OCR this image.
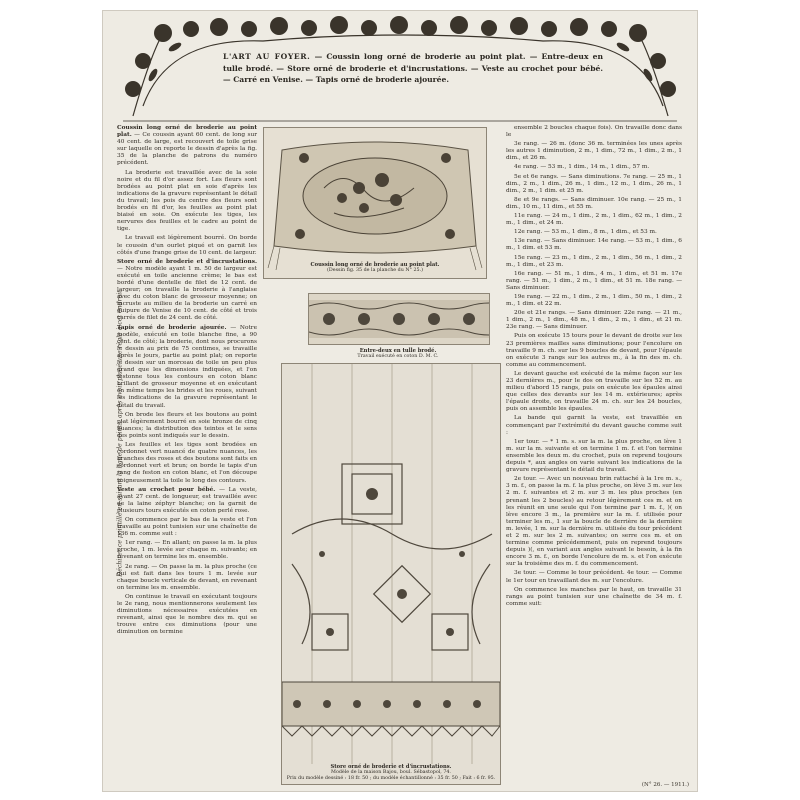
Déchirer ce pointillé en suivant la ligne de points, après avoir placé une règle à cet endroit.
L'ART AU FOYER. — Coussin long orné de broderie au point plat. — Entre-deux en tulle brodé. — Store orné de broderie et d'incrustations. — Veste au crochet pour bébé. — Carré en Venise. — Tapis orné de broderie ajourée.

Coussin long orné de broderie au point plat. — Ce coussin ayant 60 cent. de long sur 40 cent. de large, est recouvert de toile grise sur laquelle on reporte le dessin d'après la fig. 35 de la planche de patrons du numéro précédent.

La broderie est travaillée avec de la soie noire et du fil d'or assez fort. Les fleurs sont brodées au point plat en soie d'après les indications de la gravure représentant le détail du travail; les pois du centre des fleurs sont brodés en fil d'or, les feuilles au point plat biaisé en soie. On exécute les tiges, les nervures des feuilles et le cadre au point de tige.

Le travail est légèrement bourré. On borde le coussin d'un ourlet piqué et on garnit les côtés d'une frange grise de 10 cent. de largeur.

Store orné de broderie et d'incrustations. — Notre modèle ayant 1 m. 50 de largeur est exécuté en toile ancienne crème; le bas est bordé d'une dentelle de filet de 12 cent. de largeur; on travaille la broderie à l'anglaise avec du coton blanc de grosseur moyenne; on incruste au milieu de la broderie un carré en guipure de Venise de 10 cent. de côté et trois carrés de filet de 24 cent. de côté.

Tapis orné de broderie ajourée. — Notre modèle, exécuté en toile blanche fine, a 90 cent. de côté; la broderie, dont nous procurons le dessin au prix de 75 centimes, se travaille après le jours, partie au point plat; on reporte le dessin sur un morceau de toile un peu plus grand que les dimensions indiquées, et l'on festonne tous les contours en coton blanc brillant de grosseur moyenne et en exécutant en même temps les brides et les roues, suivant les indications de la gravure représentant le détail du travail.

On brode les fleurs et les boutons au point plat légèrement bourré en soie bronze de cinq nuances; la distribution des teintes et le sens des points sont indiqués sur le dessin.

Les feuilles et les tiges sont brodées en cordonnet vert nuancé de quatre nuances, les branches des roses et des boutons sont faits en cordonnet vert et brun; on borde le tapis d'un rang de feston en coton blanc, et l'on découpe soigneusement la toile le long des contours.

Veste au crochet pour bébé. — La veste, ayant 27 cent. de longueur, est travaillée avec de la laine zéphyr blanche; on la garnit de plusieurs tours exécutés en coton perlé rose.

On commence par le bas de la veste et l'on travaille au point tunisien sur une chaînette de 136 m. comme suit :

1er rang. — En allant; on passe la m. la plus proche, 1 m. levée sur chaque m. suivante; en revenant on termine les m. ensemble.

2e rang. — On passe la m. la plus proche (ce qui est fait dans les tours 1 m. levée sur chaque boucle verticale de devant, en revenant on termine les m. ensemble.

On continue le travail en exécutant toujours le 2e rang, nous mentionnerons seulement les diminutions nécessaires exécutées en revenant, ainsi que le nombre des m. qui se trouve entre ces diminutions (pour une diminution on termine

Coussin long orné de broderie au point plat.
(Dessin fig. 35 de la planche du N° 25.)
Entre-deux en tulle brodé.
Travail exécuté en coton D. M. C.
Store orné de broderie et d'incrustations.
Modèle de la maison Bajou, boul. Sébastopol, 74.
Prix du modèle dessiné : 18 fr. 50 ; du modèle échantillonné : 35 fr. 50 ; Fait : 6 fr. 95.

ensemble 2 boucles chaque fois). On travaille donc dans le

3e rang. — 26 m. (donc 36 m. terminées les unes après les autres 1 diminution, 2 m., 1 dim., 72 m., 1 dim., 2 m., 1 dim., et 26 m.

4e rang. — 53 m., 1 dim., 14 m., 1 dim., 57 m.

5e et 6e rangs. — Sans diminutions. 7e rang. — 25 m., 1 dim., 2 m., 1 dim., 26 m., 1 dim., 12 m., 1 dim., 26 m., 1 dim., 2 m., 1 dim. et 25 m.

8e et 9e rangs. — Sans diminuer. 10e rang. — 25 m., 1 dim., 10 m., 11 dim., et 55 m.

11e rang. — 24 m., 1 dim., 2 m., 1 dim., 62 m., 1 dim., 2 m., 1 dim., et 24 m.

12e rang. — 53 m., 1 dim., 8 m., 1 dim., et 53 m.

13e rang. — Sans diminuer. 14e rang. — 53 m., 1 dim., 6 m., 1 dim. et 53 m.

15e rang. — 23 m., 1 dim., 2 m., 1 dim., 56 m., 1 dim., 2 m., 1 dim., et 23 m.

16e rang. — 51 m., 1 dim., 4 m., 1 dim., et 51 m. 17e rang. — 51 m., 1 dim., 2 m., 1 dim., et 51 m. 18e rang. — Sans diminuer.

19e rang. — 22 m., 1 dim., 2 m., 1 dim., 50 m., 1 dim., 2 m., 1 dim. et 22 m.

20e et 21e rangs. — Sans diminuer. 22e rang. — 21 m., 1 dim., 2 m., 1 dim., 48 m., 1 dim., 2 m., 1 dim., et 21 m. 23e rang. — Sans diminuer.

Puis on exécute 15 tours pour le devant de droite sur les 23 premières mailles sans diminutions; pour l'encolure on travaille 9 m. ch. sur les 9 boucles de devant, pour l'épaule on exécute 3 rangs sur les autres m., à la fin des m. ch. comme au commencement.

Le devant gauche est exécuté de la même façon sur les 23 dernières m., pour le dos on travaille sur les 52 m. au milieu d'abord 15 rangs, puis on exécute les épaules ainsi que celles des devants sur les 14 m. extérieures; après l'épaule droite, on travaille 24 m. ch. sur les 24 boucles, puis on assemble les épaules.

La bande qui garnit la veste, est travaillée en commençant par l'extrémité du devant gauche comme suit :

1er tour. — * 1 m. s. sur la m. la plus proche, on lève 1 m. sur la m. suivante et on termine 1 m. f. et l'on termine ensemble les deux m. du crochet, puis on reprend toujours depuis *, aux angles on varie suivant les indications de la gravure représentant le détail du travail.

2e tour. — Avec un nouveau brin rattaché à la 1re m. s., 3 m. f., on passe la m. f. la plus proche, on lève 3 m. sur les 2 m. f. suivantes et 2 m. sur 3 m. les plus proches (en prenant les 2 boucles) au retour légèrement ces m. et on les réunit en une seule qui l'on termine par 1 m. f., )( on lève encore 3 m., la première sur la m. f. utilisée pour terminer les m., 1 sur la boucle de derrière de la dernière m. levée, 1 m. sur la dernière m. utilisée du tour précédent et 2 m. sur les 2 m. suivantes; on serre ces m. et on termine comme précédemment, puis on reprend toujours depuis )(, en variant aux angles suivant le besoin, à la fin encore 3 m. f., on borde l'encolure de m. s. et l'on exécute sur la troisième des m. f. du commencement.

3e tour. — Comme le tour précédent. 4e tour. — Comme le 1er tour en travaillant des m. sur l'encolure.

On commence les manches par le haut, on travaille 31 rangs au point tunisien sur une chaînette de 34 m. f. comme suit:

(N° 26. — 1911.)
